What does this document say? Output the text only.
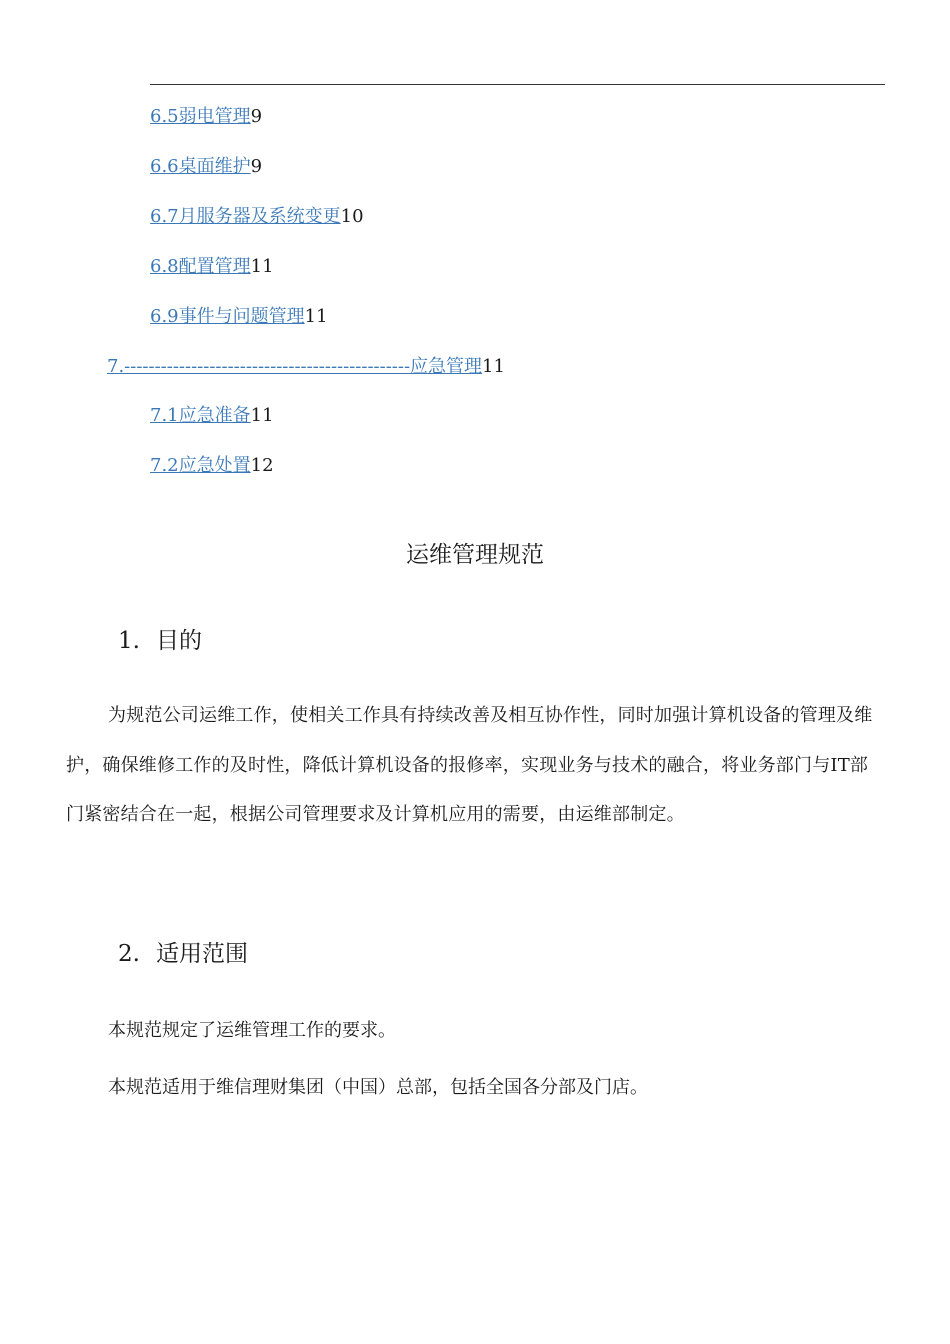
6.5弱电管理9
6.6桌面维护9
6.7月服务器及系统变更10
6.8配置管理11
6.9事件与问题管理11
7.-----------------------------------------------应急管理11
7.1应急准备11
7.2应急处置12
运维管理规范
1. 目的
为规范公司运维工作，使相关工作具有持续改善及相互协作性，同时加强计算机设备的管理及维护，确保维修工作的及时性，降低计算机设备的报修率，实现业务与技术的融合，将业务部门与IT部门紧密结合在一起，根据公司管理要求及计算机应用的需要，由运维部制定。
2. 适用范围
本规范规定了运维管理工作的要求。
本规范适用于维信理财集团（中国）总部，包括全国各分部及门店。
